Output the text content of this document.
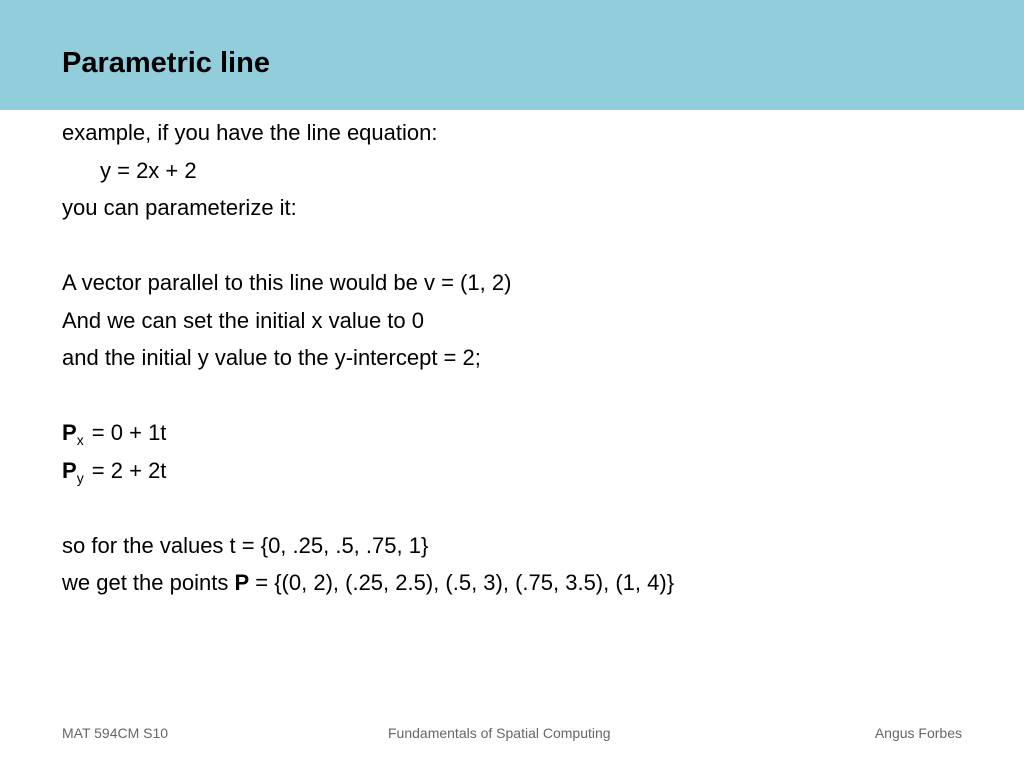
Parametric line
example, if you have the line equation:
y = 2x + 2
you can parameterize it:
A vector parallel to this line would be v = (1, 2)
And we can set the initial x value to 0
and the initial y value to the y-intercept = 2;
$P_x = 0 + 1t$
$P_y = 2 + 2t$
so for the values t = {0, .25, .5, .75, 1}
we get the points P = {(0, 2), (.25, 2.5), (.5, 3), (.75, 3.5), (1, 4)}
MAT 594CM S10	Fundamentals of Spatial Computing	Angus Forbes
